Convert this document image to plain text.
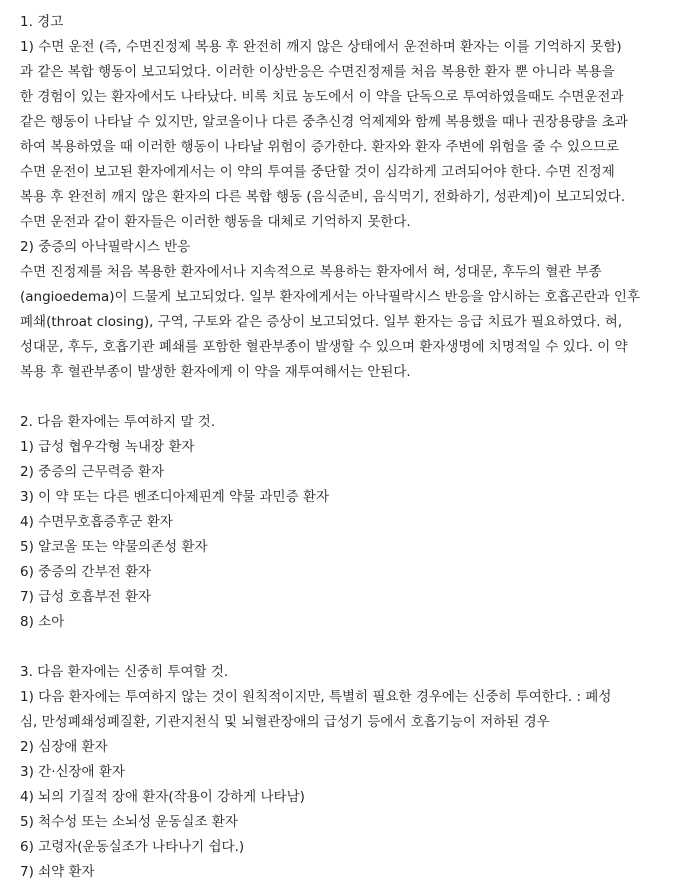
1. 경고
1) 수면 운전 (즉, 수면진정제 복용 후 완전히 깨지 않은 상태에서 운전하며 환자는 이를 기억하지 못함)
과 같은 복합 행동이 보고되었다. 이러한 이상반응은 수면진정제를 처음 복용한 환자 뿐 아니라 복용을
한 경험이 있는 환자에서도 나타났다. 비록 치료 농도에서 이 약을 단독으로 투여하였을때도 수면운전과
같은 행동이 나타날 수 있지만, 알코올이나 다른 중추신경 억제제와 함께 복용했을 때나 권장용량을 초과
하여 복용하였을 때 이러한 행동이 나타날 위험이 증가한다. 환자와 환자 주변에 위험을 줄 수 있으므로
수면 운전이 보고된 환자에게서는 이 약의 투여를 중단할 것이 심각하게 고려되어야 한다. 수면 진정제
복용 후 완전히 깨지 않은 환자의 다른 복합 행동 (음식준비, 음식먹기, 전화하기, 성관계)이 보고되었다.
수면 운전과 같이 환자들은 이러한 행동을 대체로 기억하지 못한다.
2) 중증의 아낙필락시스 반응
수면 진정제를 처음 복용한 환자에서나 지속적으로 복용하는 환자에서 혀, 성대문, 후두의 혈관 부종
(angioedema)이 드물게 보고되었다. 일부 환자에게서는 아낙필락시스 반응을 암시하는 호흡곤란과 인후
폐쇄(throat closing), 구역, 구토와 같은 증상이 보고되었다. 일부 환자는 응급 치료가 필요하였다. 혀,
성대문, 후두, 호흡기관 폐쇄를 포함한 혈관부종이 발생할 수 있으며 환자생명에 치명적일 수 있다. 이 약
복용 후 혈관부종이 발생한 환자에게 이 약을 재투여해서는 안된다.
2. 다음 환자에는 투여하지 말 것.
1) 급성 협우각형 녹내장 환자
2) 중증의 근무력증 환자
3) 이 약 또는 다른 벤조디아제핀계 약물 과민증 환자
4) 수면무호흡증후군 환자
5) 알코올 또는 약물의존성 환자
6) 중증의 간부전 환자
7) 급성 호흡부전 환자
8) 소아
3. 다음 환자에는 신중히 투여할 것.
1) 다음 환자에는 투여하지 않는 것이 원칙적이지만, 특별히 필요한 경우에는 신중히 투여한다. : 폐성
심, 만성폐쇄성폐질환, 기관지천식 및 뇌혈관장애의 급성기 등에서 호흡기능이 저하된 경우
2) 심장애 환자
3) 간·신장애 환자
4) 뇌의 기질적 장애 환자(작용이 강하게 나타남)
5) 척수성 또는 소뇌성 운동실조 환자
6) 고령자(운동실조가 나타나기 쉽다.)
7) 쇠약 환자
